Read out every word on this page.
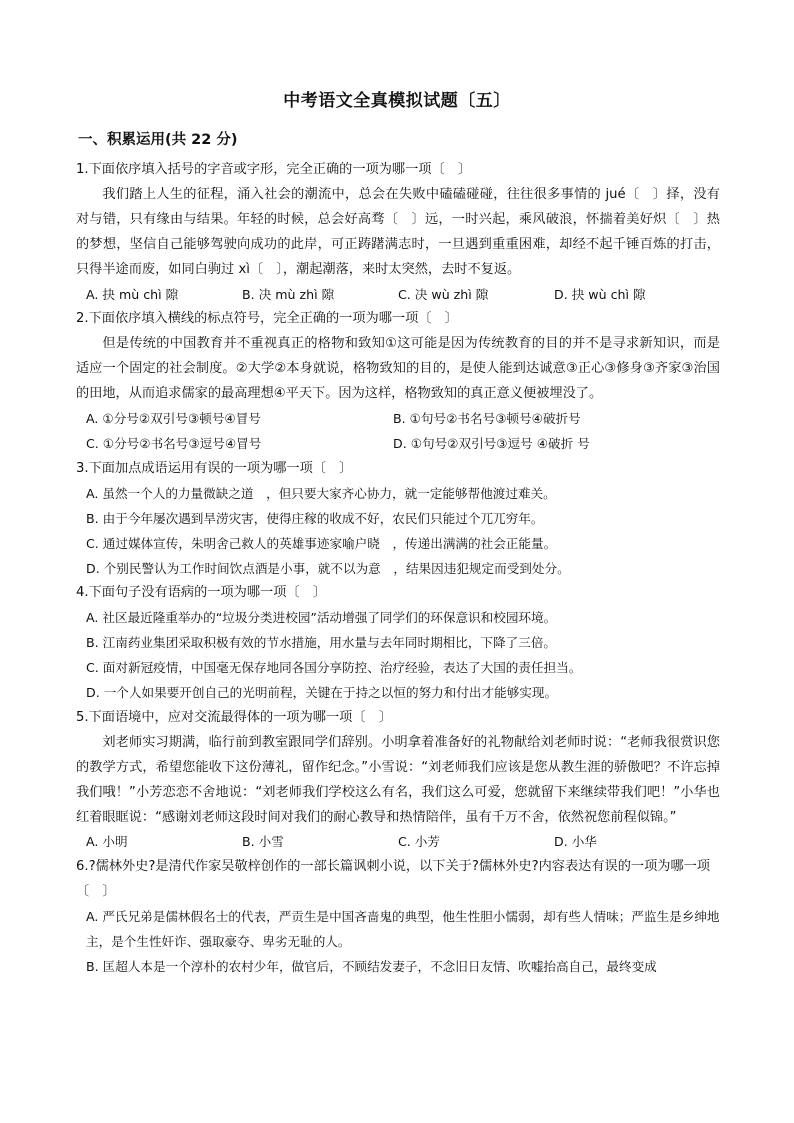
中考语文全真模拟试题〔五〕
一、积累运用(共 22 分)

1.下面依序填入括号的字音或字形，完全正确的一项为哪一项〔　〕

我们踏上人生的征程，涌入社会的潮流中，总会在失败中磕磕碰碰，往往很多事情的 jué〔　〕择，没有对与错，只有缘由与结果。年轻的时候，总会好高骛〔　〕远，一时兴起，乘风破浪，怀揣着美好炽〔　〕热的梦想，坚信自己能够驾驶向成功的此岸，可正踌躇满志时，一旦遇到重重困难，却经不起千锤百炼的打击，只得半途而废，如同白驹过 xì〔　〕，潮起潮落，来时太突然，去时不复返。

A. 抉 mù chì 隙	B. 决 mù zhì 隙	C. 决 wù zhì 隙	D. 抉 wù chì 隙

2.下面依序填入横线的标点符号，完全正确的一项为哪一项〔　〕

但是传统的中国教育并不重视真正的格物和致知①这可能是因为传统教育的目的并不是寻求新知识，而是适应一个固定的社会制度。②大学②本身就说，格物致知的目的，是使人能到达诚意③正心③修身③齐家③治国的田地，从而追求儒家的最高理想④平天下。因为这样，格物致知的真正意义便被埋没了。

A. ①分号②双引号③顿号④冒号	B. ①句号②书名号③顿号④破折号
C. ①分号②书名号③逗号④冒号	D. ①句号②双引号③逗号 ④破折 号

3.下面加点成语运用有误的一项为哪一项〔　〕

A. 虽然一个人的力量微缺之道　，但只要大家齐心协力，就一定能够帮他渡过难关。

B. 由于今年屡次遇到旱涝灾害，使得庄稼的收成不好，农民们只能过个兀兀穷年。

C. 通过媒体宣传，朱明舍己救人的英雄事迹家喻户晓　，传递出满满的社会正能量。

D. 个别民警认为工作时间饮点酒是小事，就不以为意　，结果因违犯规定而受到处分。

4.下面句子没有语病的一项为哪一项〔　〕

A. 社区最近隆重举办的“垃圾分类进校园”活动增强了同学们的环保意识和校园环境。

B. 江南药业集团采取积极有效的节水措施，用水量与去年同时期相比，下降了三倍。

C. 面对新冠疫情，中国毫无保存地同各国分享防控、治疗经验，表达了大国的责任担当。

D. 一个人如果要开创自己的光明前程，关键在于持之以恒的努力和付出才能够实现。

5.下面语境中，应对交流最得体的一项为哪一项〔　〕

刘老师实习期满，临行前到教室跟同学们辞别。小明拿着准备好的礼物献给刘老师时说：“老师我很赏识您的教学方式，希望您能收下这份薄礼，留作纪念。”小雪说：“刘老师我们应该是您从教生涯的骄傲吧？不许忘掉我们哦！”小芳恋恋不舍地说：“刘老师我们学校这么有名，我们这么可爱，您就留下来继续带我们吧！”小华也红着眼眶说：“感谢刘老师这段时间对我们的耐心教导和热情陪伴，虽有千万不舍，依然祝您前程似锦。”

A. 小明	B. 小雪	C. 小芳	D. 小华

6.?儒林外史?是清代作家吴敬梓创作的一部长篇讽刺小说，以下关于?儒林外史?内容表达有误的一项为哪一项〔　〕

A. 严氏兄弟是儒林假名士的代表，严贡生是中国吝啬鬼的典型，他生性胆小懦弱，却有些人情味；严监生是乡绅地主，是个生性奸诈、强取豪夺、卑劣无耻的人。

B. 匡超人本是一个淳朴的农村少年，做官后，不顾结发妻子，不念旧日友情、吹嘘抬高自己，最终变成
